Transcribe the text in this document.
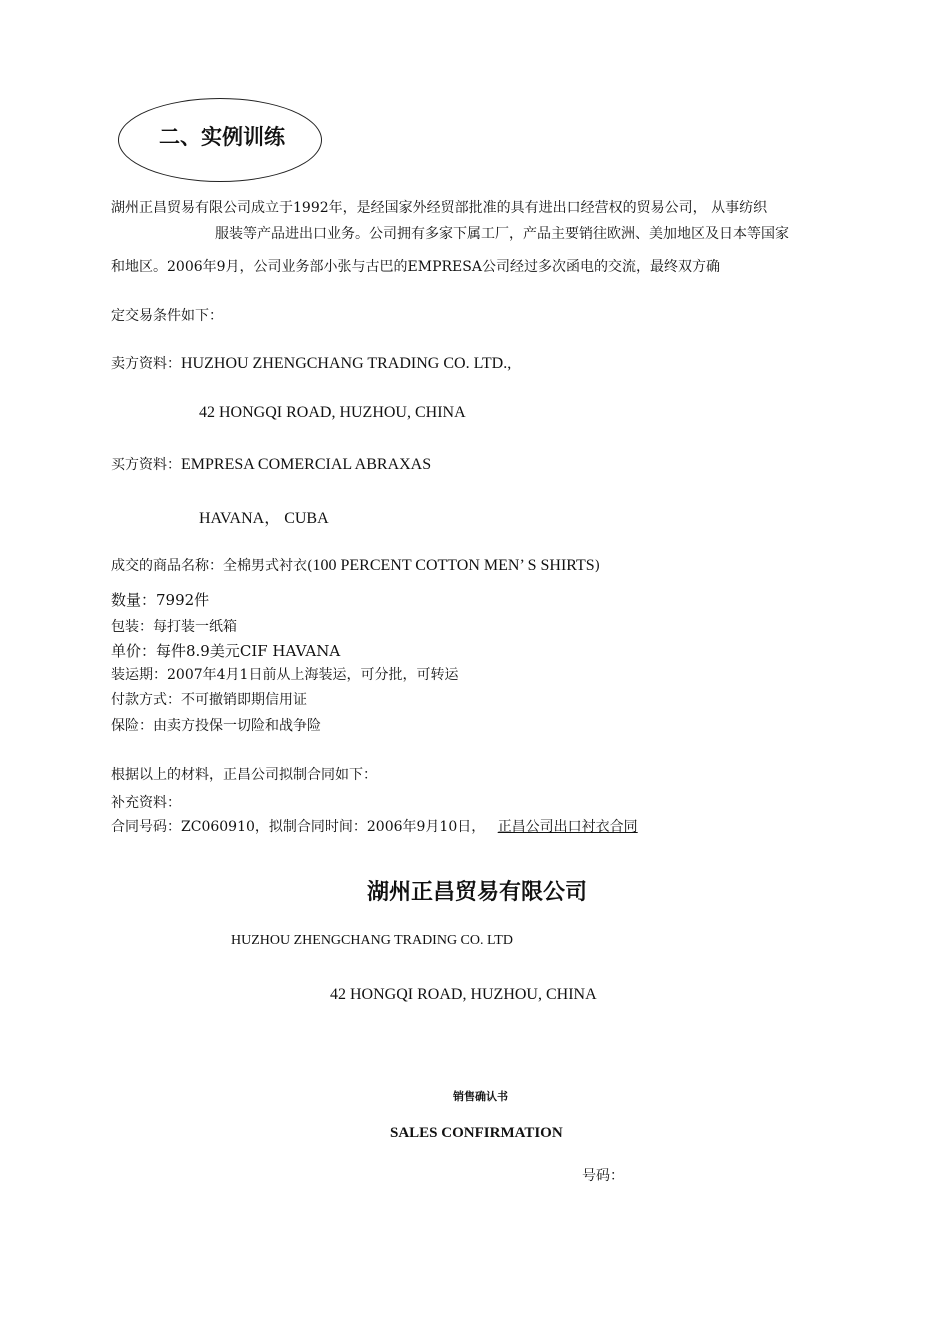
二、实例训练
湖州正昌贸易有限公司成立于1992年，是经国家外经贸部批准的具有进出口经营权的贸易公司， 从事纺织
服装等产品进出口业务。公司拥有多家下属工厂，产品主要销往欧洲、美加地区及日本等国家
和地区。2006年9月，公司业务部小张与古巴的EMPRESA公司经过多次函电的交流，最终双方确
定交易条件如下：
卖方资料：HUZHOU ZHENGCHANG TRADING CO. LTD.,
42 HONGQI ROAD, HUZHOU, CHINA
买方资料：EMPRESA COMERCIAL ABRAXAS
HAVANA， CUBA
成交的商品名称：全棉男式衬衣(100 PERCENT COTTON MEN’ S SHIRTS)
数量：7992件
包装：每打装一纸箱
单价：每件8.9美元CIF HAVANA
装运期：2007年4月1日前从上海装运，可分批，可转运
付款方式：不可撤销即期信用证
保险：由卖方投保一切险和战争险
根据以上的材料，正昌公司拟制合同如下：
补充资料：
合同号码：ZC060910，拟制合同时间：2006年9月10日， 正昌公司出口衬衣合同
湖州正昌贸易有限公司
HUZHOU ZHENGCHANG TRADING CO. LTD
42 HONGQI ROAD, HUZHOU, CHINA
销售确认书
SALES CONFIRMATION
号码：
